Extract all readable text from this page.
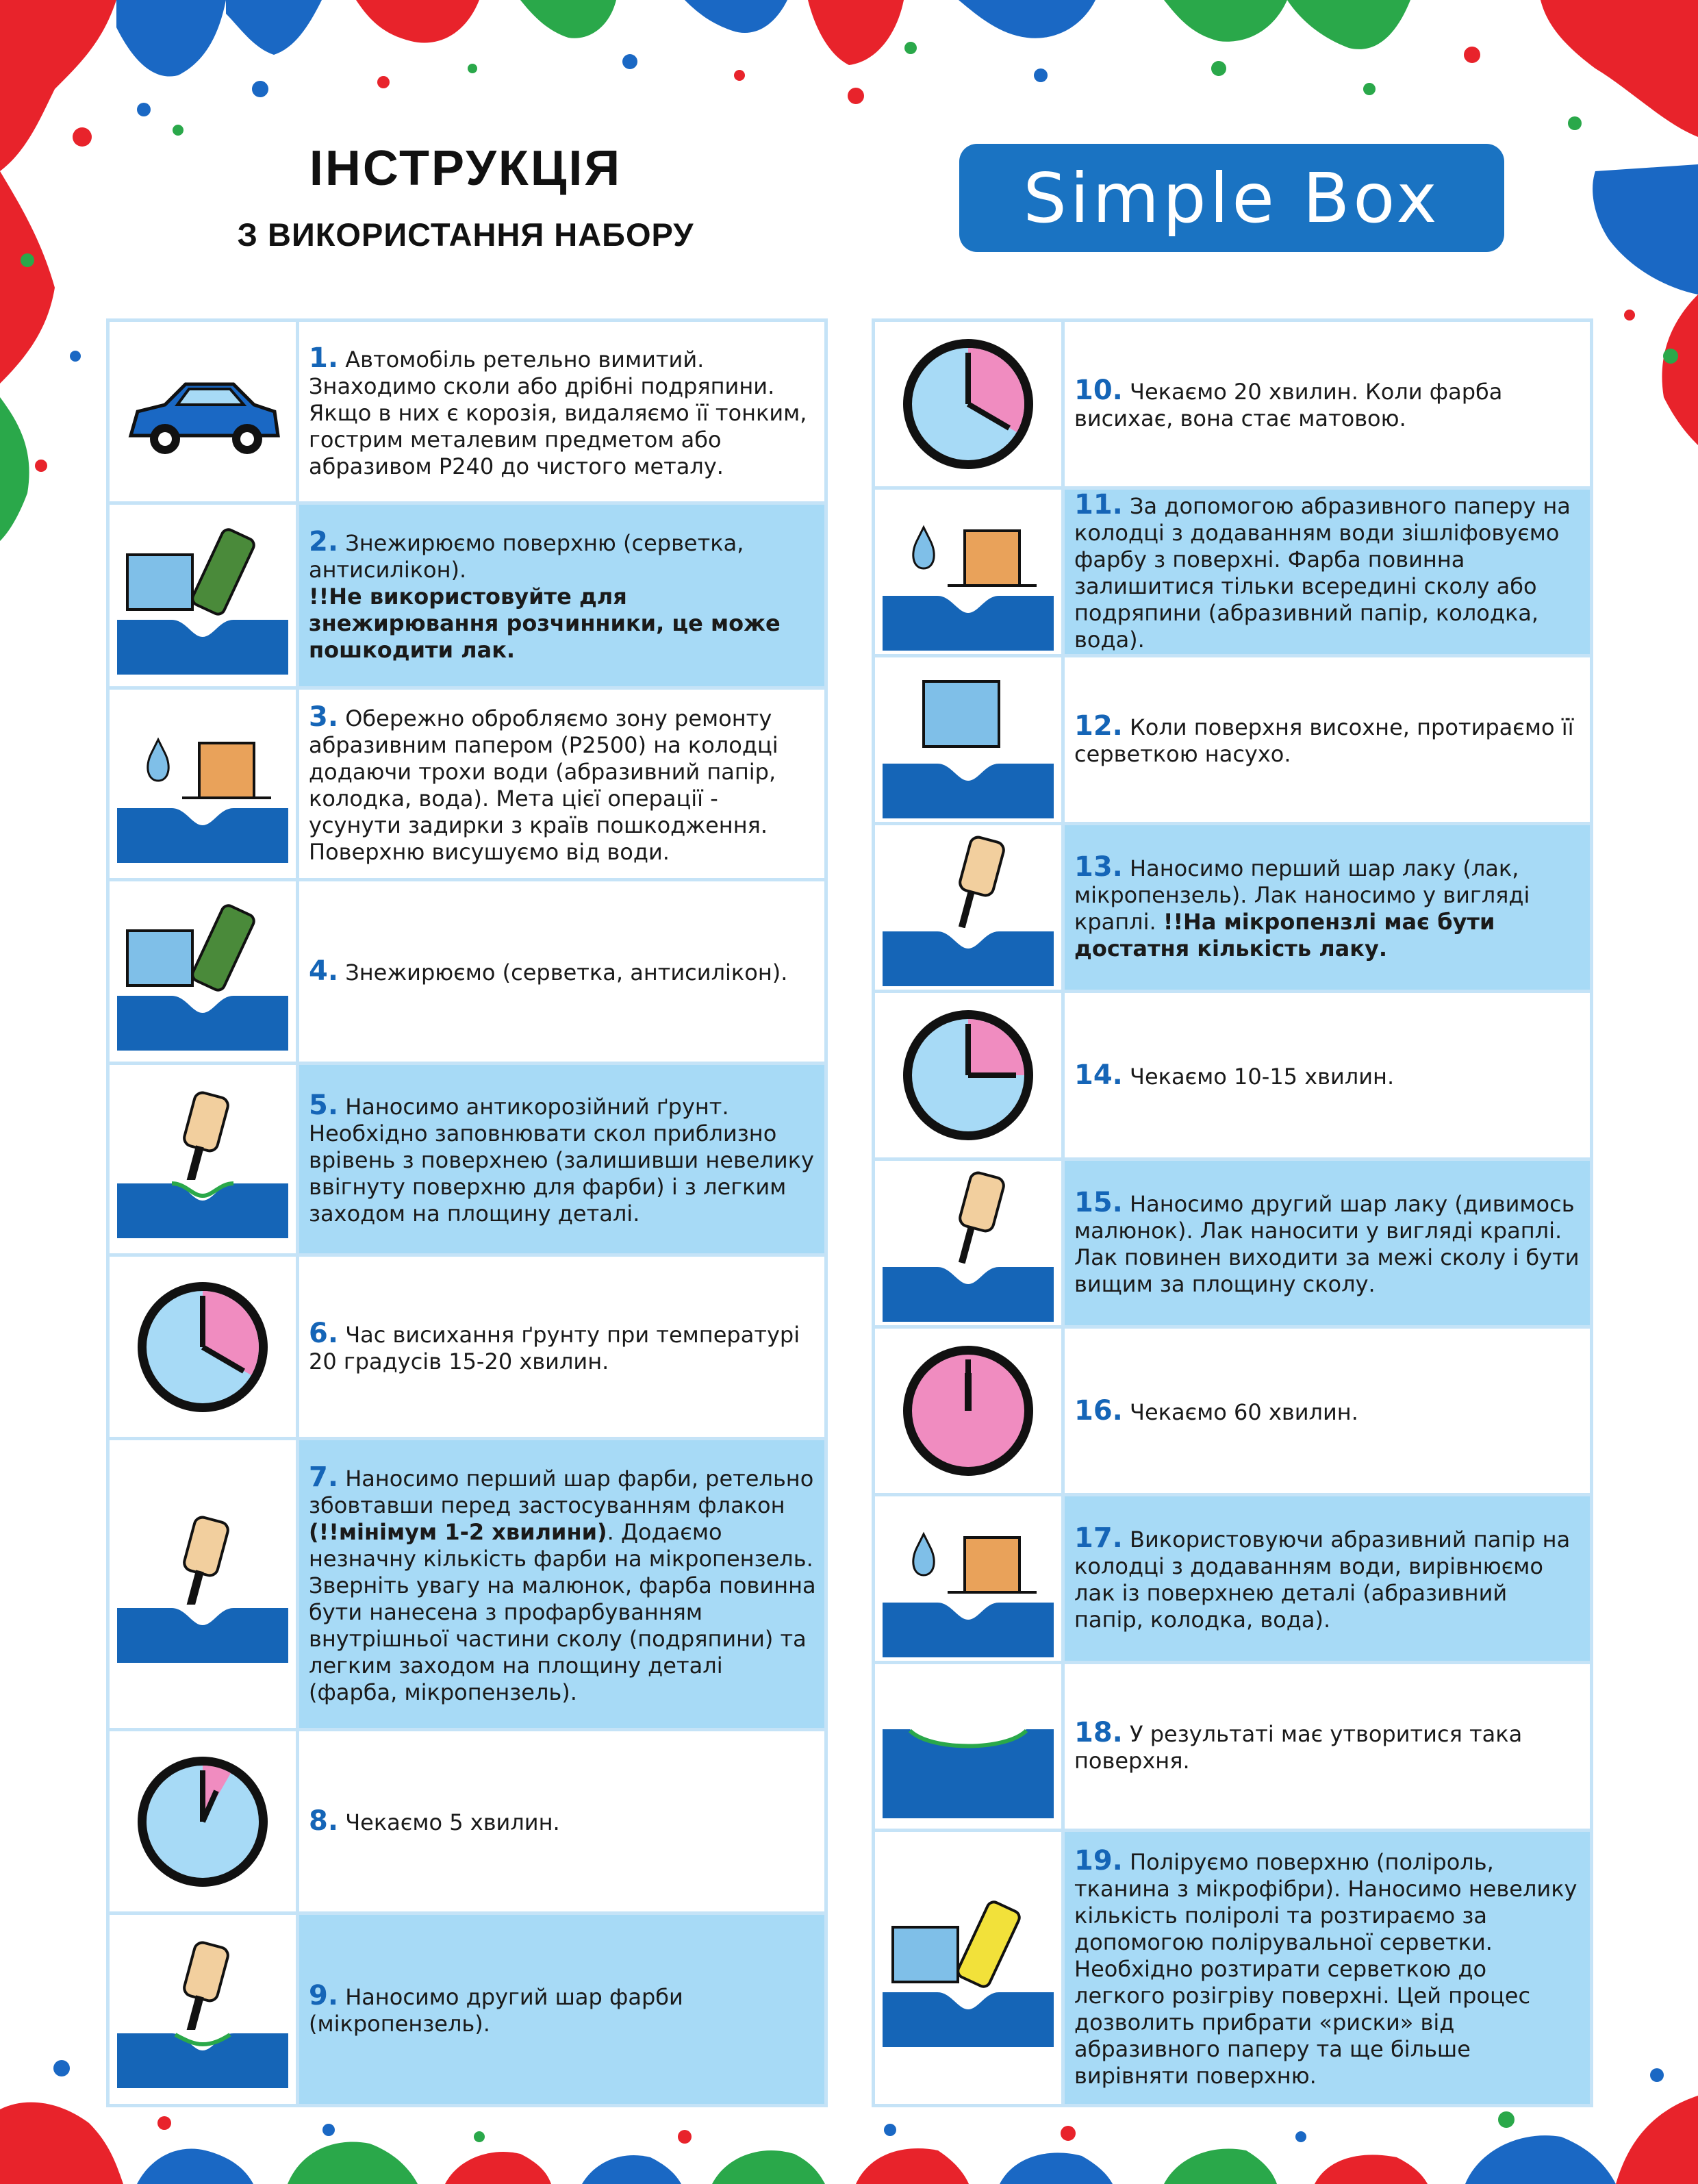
ІНСТРУКЦІЯ
З ВИКОРИСТАННЯ НАБОРУ	Simple Box
1. Автомобіль ретельно вимитий. Знаходимо сколи або дрібні подряпини. Якщо в них є корозія, видаляємо її тонким, гострим металевим предметом або абразивом Р240 до чистого металу.
2. Знежирюємо поверхню (серветка, антисилікон).
!!Не використовуйте для знежирювання розчинники, це може пошкодити лак.
3. Обережно обробляємо зону ремонту абразивним папером (Р2500) на колодці додаючи трохи води (абразивний папір, колодка, вода). Мета цієї операції - усунути задирки з країв пошкодження. Поверхню висушуємо від води.
4. Знежирюємо (серветка, антисилікон).
5. Наносимо антикорозійний ґрунт. Необхідно заповнювати скол приблизно врівень з поверхнею (залишивши невелику ввігнуту поверхню для фарби) і з легким заходом на площину деталі.
6. Час висихання ґрунту при температурі 20 градусів 15-20 хвилин.
7. Наносимо перший шар фарби, ретельно збовтавши перед застосуванням флакон (!!мінімум 1-2 хвилини). Додаємо незначну кількість фарби на мікропензель. Зверніть увагу на малюнок, фарба повинна бути нанесена з профарбуванням внутрішньої частини сколу (подряпини) та легким заходом на площину деталі (фарба, мікропензель).
8. Чекаємо 5 хвилин.
9. Наносимо другий шар фарби (мікропензель).
10. Чекаємо 20 хвилин. Коли фарба висихає, вона стає матовою.
11. За допомогою абразивного паперу на колодці з додаванням води зішліфовуємо фарбу з поверхні. Фарба повинна залишитися тільки всередині сколу або подряпини (абразивний папір, колодка, вода).
12. Коли поверхня висохне, протираємо її серветкою насухо.
13. Наносимо перший шар лаку (лак, мікропензель). Лак наносимо у вигляді краплі. !!На мікропензлі має бути достатня кількість лаку.
14. Чекаємо 10-15 хвилин.
15. Наносимо другий шар лаку (дивимось малюнок). Лак наносити у вигляді краплі. Лак повинен виходити за межі сколу і бути вищим за площину сколу.
16. Чекаємо 60 хвилин.
17. Використовуючи абразивний папір на колодці з додаванням води, вирівнюємо лак із поверхнею деталі (абразивний папір, колодка, вода).
18. У результаті має утворитися така поверхня.
19. Поліруємо поверхню (поліроль, тканина з мікрофібри). Наносимо невелику кількість поліролі та розтираємо за допомогою полірувальної серветки. Необхідно розтирати серветкою до легкого розігріву поверхні. Цей процес дозволить прибрати «риски» від абразивного паперу та ще більше вирівняти поверхню.
